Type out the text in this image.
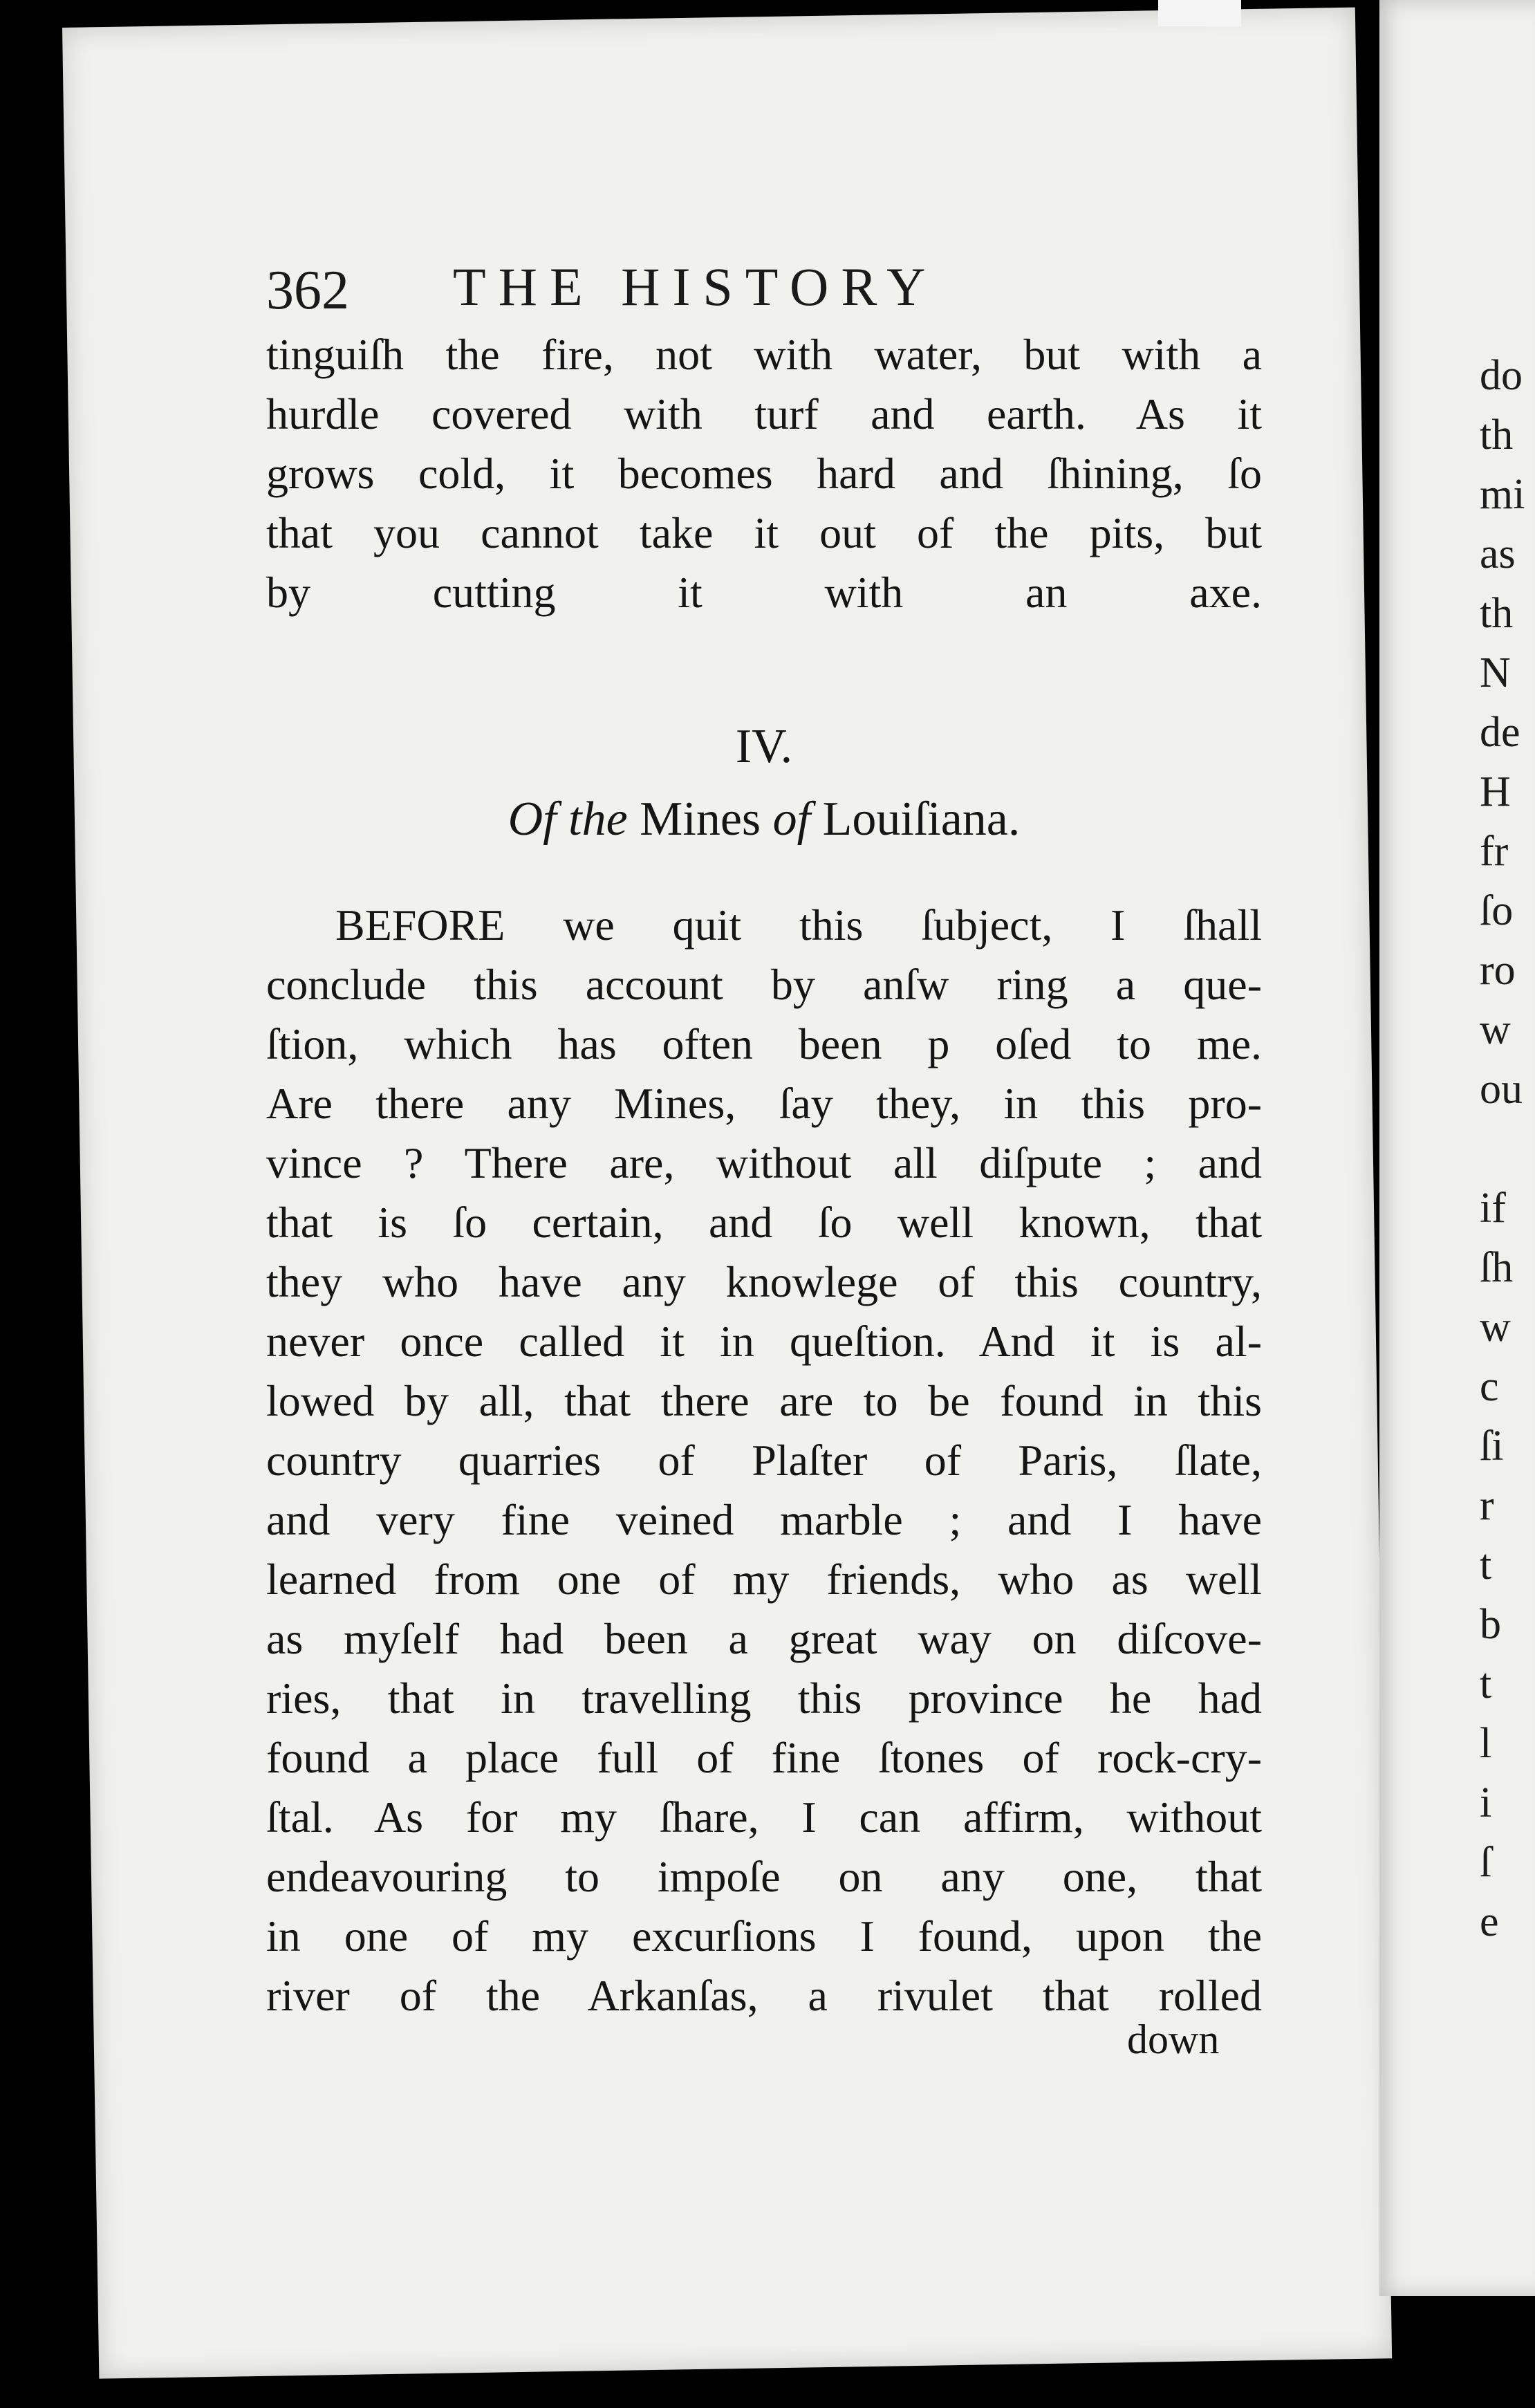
362 THE HISTORY
tinguiſh the fire, not with water, but with a
hurdle covered with turf and earth. As it
grows cold, it becomes hard and ſhining, ſo
that you cannot take it out of the pits, but
by cutting it with an axe.
IV.
Of the Mines of Louiſiana.
BEFORE we quit this ſubject, I ſhall
conclude this account by anſw ring a que-
ſtion, which has often been p oſed to me.
Are there any Mines, ſay they, in this pro-
vince ? There are, without all diſpute ; and
that is ſo certain, and ſo well known, that
they who have any knowlege of this country,
never once called it in queſtion. And it is al-
lowed by all, that there are to be found in this
country quarries of Plaſter of Paris, ſlate,
and very fine veined marble ; and I have
learned from one of my friends, who as well
as myſelf had been a great way on diſcove-
ries, that in travelling this province he had
found a place full of fine ſtones of rock-cry-
ſtal. As for my ſhare, I can affirm, without
endeavouring to impoſe on any one, that
in one of my excurſions I found, upon the
river of the Arkanſas, a rivulet that rolled
down
do
th
mi
as
th
N
de
H
fr
ſo
ro
w
ou

if
ſh
w
c
ſi
r
t
b
t
l
i
ſ
e
